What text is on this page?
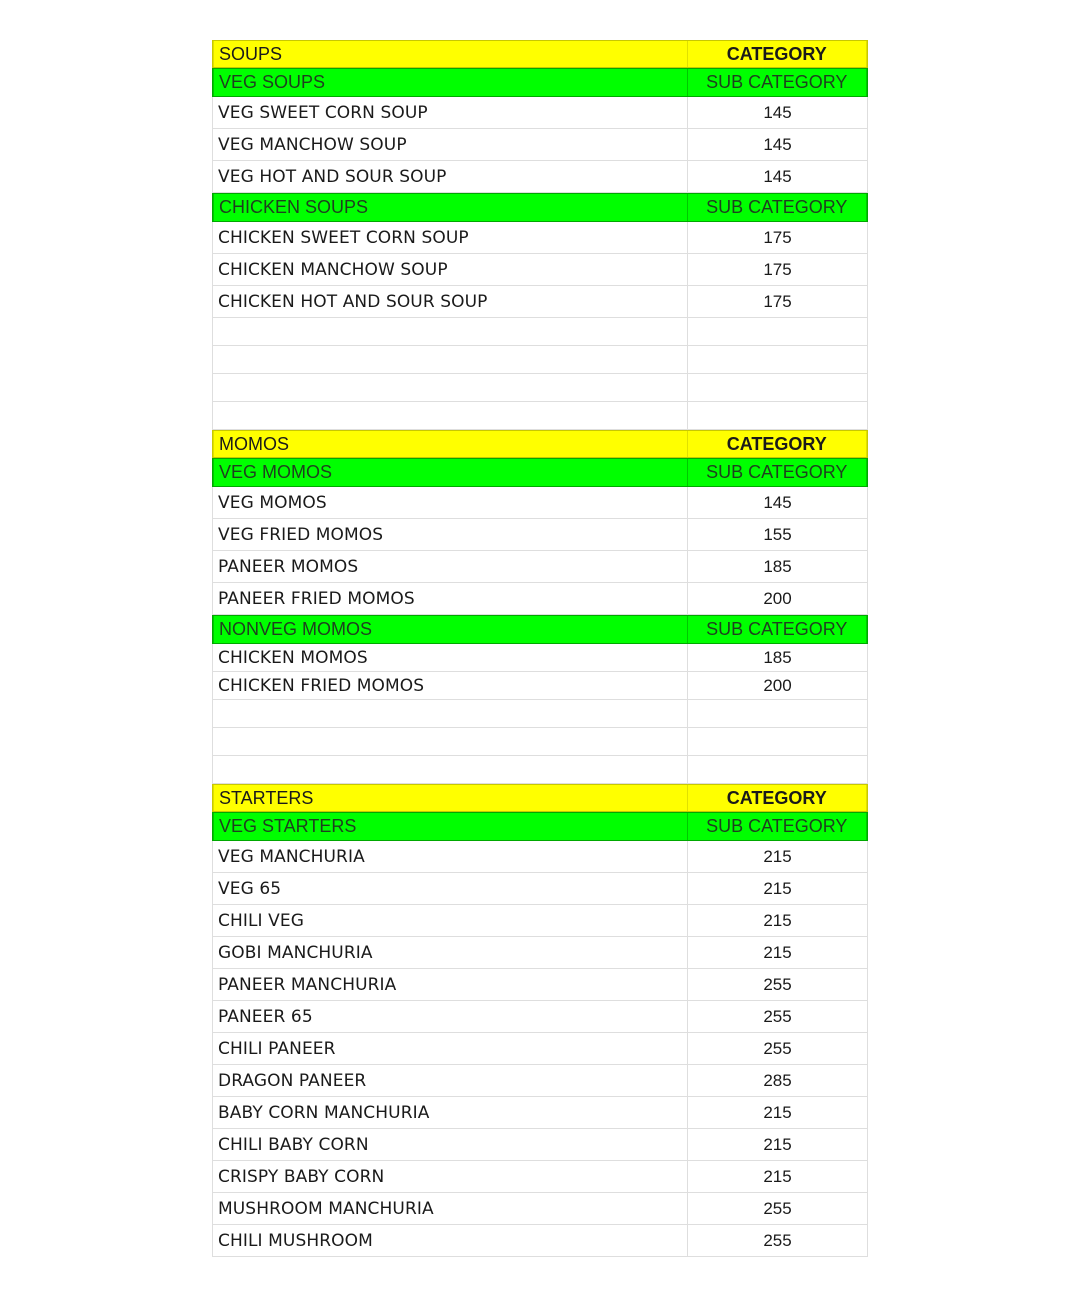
SOUPS	CATEGORY
VEG SOUPS	SUB CATEGORY
VEG SWEET CORN SOUP	145
VEG MANCHOW SOUP	145
VEG HOT AND SOUR SOUP	145
CHICKEN SOUPS	SUB CATEGORY
CHICKEN SWEET CORN SOUP	175
CHICKEN MANCHOW SOUP	175
CHICKEN HOT AND SOUR SOUP	175
MOMOS	CATEGORY
VEG MOMOS	SUB CATEGORY
VEG MOMOS	145
VEG FRIED MOMOS	155
PANEER MOMOS	185
PANEER FRIED MOMOS	200
NONVEG MOMOS	SUB CATEGORY
CHICKEN MOMOS	185
CHICKEN FRIED MOMOS	200
STARTERS	CATEGORY
VEG STARTERS	SUB CATEGORY
VEG MANCHURIA	215
VEG 65	215
CHILI VEG	215
GOBI MANCHURIA	215
PANEER MANCHURIA	255
PANEER 65	255
CHILI PANEER	255
DRAGON PANEER	285
BABY CORN MANCHURIA	215
CHILI BABY CORN	215
CRISPY BABY CORN	215
MUSHROOM MANCHURIA	255
CHILI MUSHROOM	255
